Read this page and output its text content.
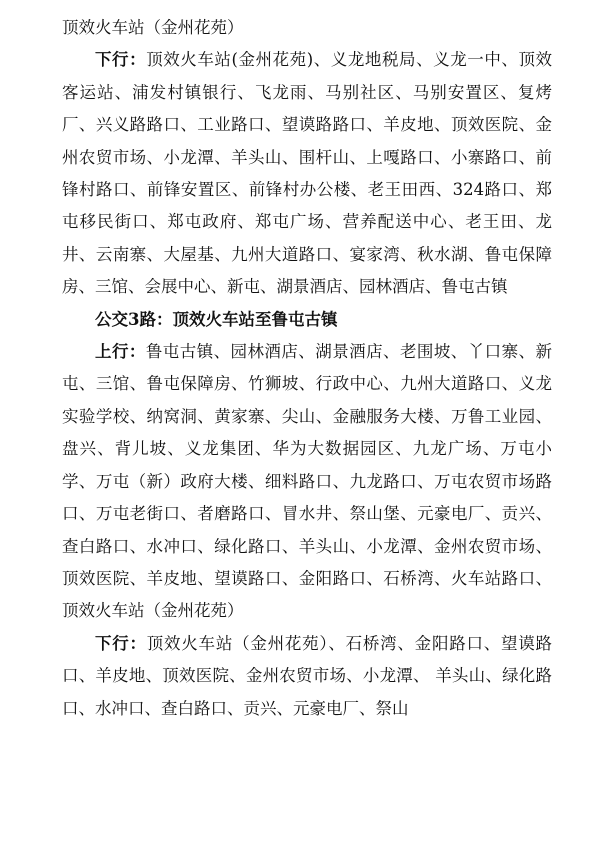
顶效火车站（金州花苑）

下行：顶效火车站(金州花苑)、义龙地税局、义龙一中、顶效客运站、浦发村镇银行、飞龙雨、马别社区、马别安置区、复烤厂、兴义路路口、工业路口、望谟路路口、羊皮地、顶效医院、金州农贸市场、小龙潭、羊头山、围杆山、上嘎路口、小寨路口、前锋村路口、前锋安置区、前锋村办公楼、老王田西、324路口、郑屯移民街口、郑屯政府、郑屯广场、营养配送中心、老王田、龙井、云南寨、大屋基、九州大道路口、宴家湾、秋水湖、鲁屯保障房、三馆、会展中心、新屯、湖景酒店、园林酒店、鲁屯古镇

公交3路：顶效火车站至鲁屯古镇

上行：鲁屯古镇、园林酒店、湖景酒店、老围坡、丫口寨、新屯、三馆、鲁屯保障房、竹狮坡、行政中心、九州大道路口、义龙实验学校、纳窝洞、黄家寨、尖山、金融服务大楼、万鲁工业园、盘兴、背儿坡、义龙集团、华为大数据园区、九龙广场、万屯小学、万屯（新）政府大楼、细料路口、九龙路口、万屯农贸市场路口、万屯老街口、者磨路口、冒水井、祭山堡、元豪电厂、贡兴、查白路口、水冲口、绿化路口、羊头山、小龙潭、金州农贸市场、顶效医院、羊皮地、望谟路口、金阳路口、石桥湾、火车站路口、顶效火车站（金州花苑）

下行：顶效火车站（金州花苑）、石桥湾、金阳路口、望谟路口、羊皮地、顶效医院、金州农贸市场、小龙潭、 羊头山、绿化路口、水冲口、查白路口、贡兴、元豪电厂、祭山
